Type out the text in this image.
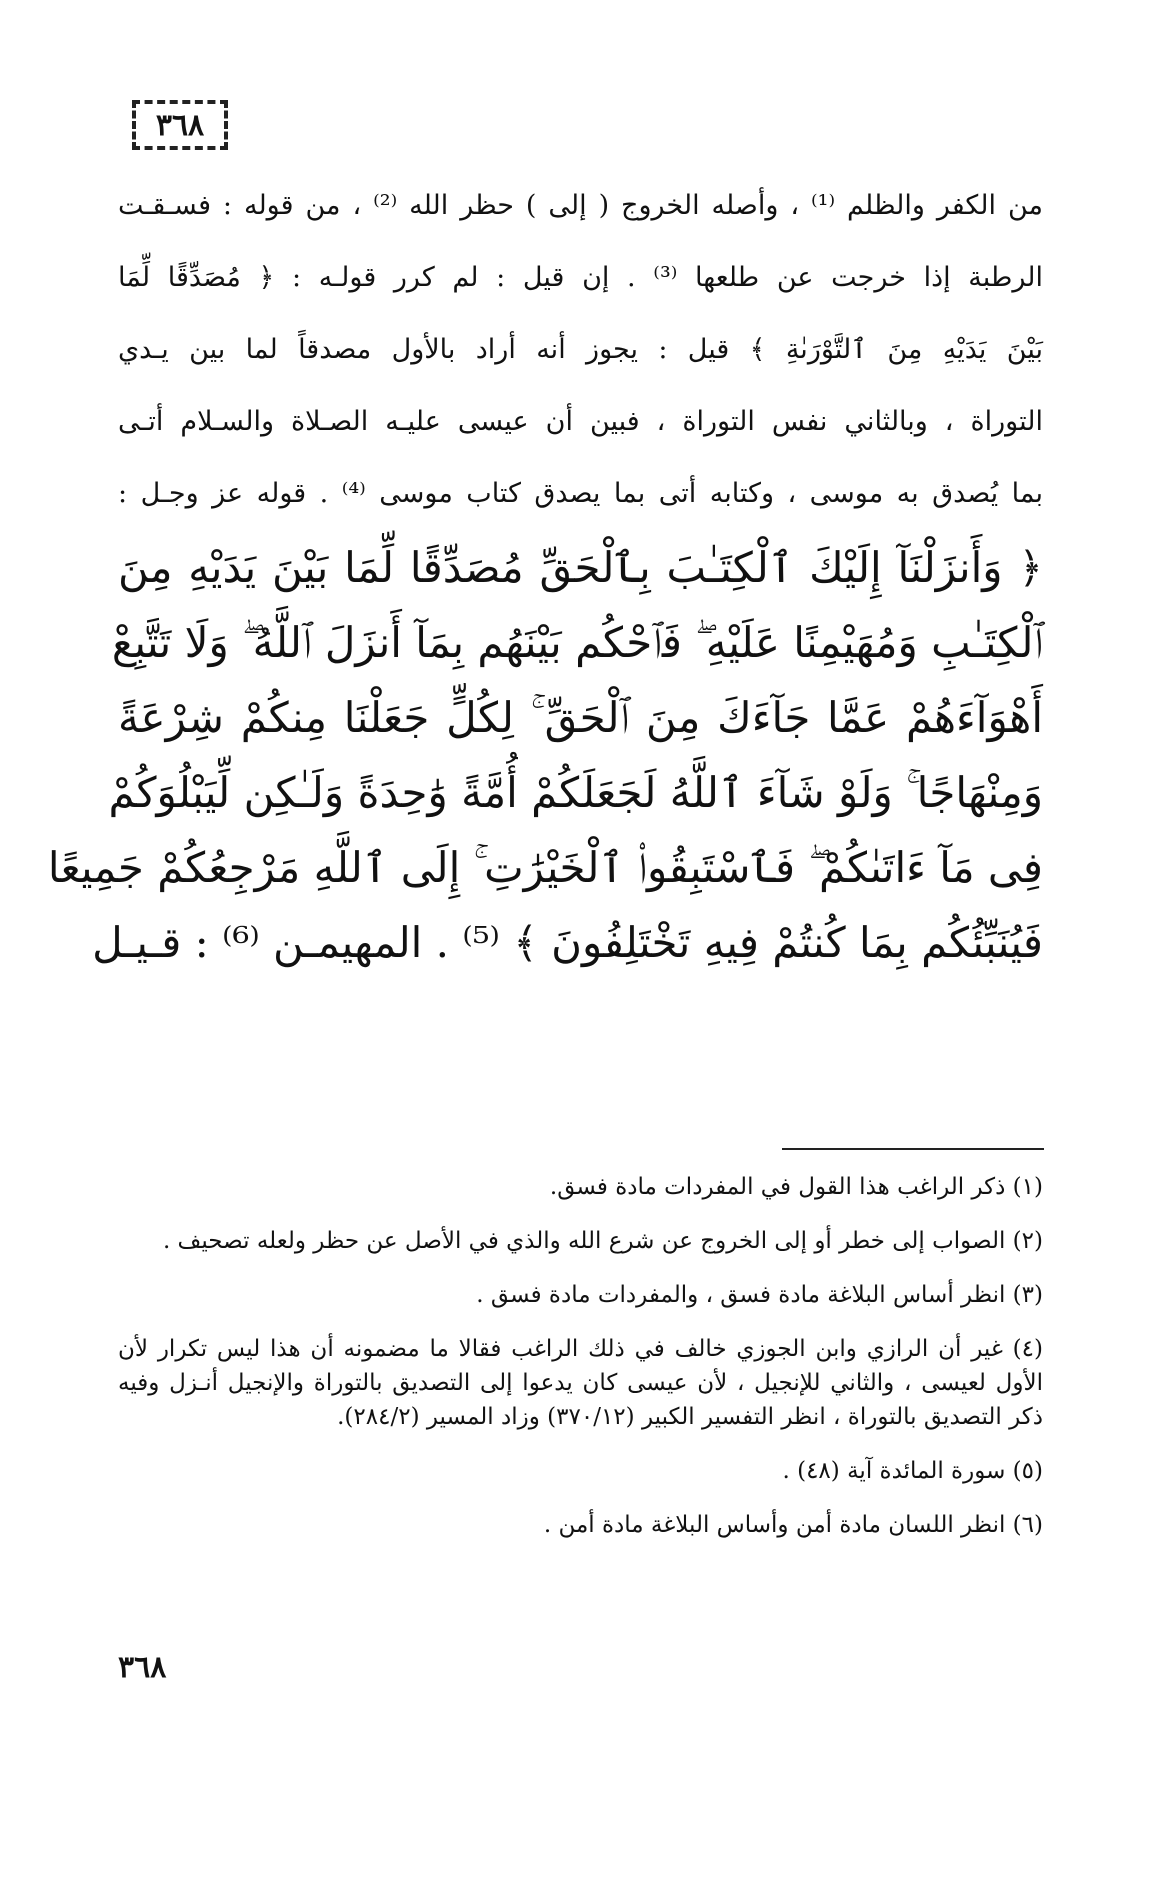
٣٦٨
من الكفر والظلم ⁽¹⁾ ، وأصله الخروج ( إلى ) حظر الله ⁽²⁾ ، من قوله : فسـقـت
الرطبة إذا خرجت عن طلعها ⁽³⁾ . إن قيل : لم كرر قولـه : ﴿ مُصَدِّقًا لِّمَا
بَيْنَ يَدَيْهِ مِنَ ٱلتَّوْرَىٰةِ ﴾ قيل : يجوز أنه أراد بالأول مصدقاً لما بين يـدي
التوراة ، وبالثاني نفس التوراة ، فبين أن عيسى عليـه الصـلاة والسـلام أتـى
بما يُصدق به موسى ، وكتابه أتى بما يصدق كتاب موسى ⁽⁴⁾ . قوله عز وجـل :
﴿ وَأَنزَلْنَآ إِلَيْكَ ٱلْكِتَـٰبَ بِٱلْحَقِّ مُصَدِّقًا لِّمَا بَيْنَ يَدَيْهِ مِنَ
ٱلْكِتَـٰبِ وَمُهَيْمِنًا عَلَيْهِ ۖ فَٱحْكُم بَيْنَهُم بِمَآ أَنزَلَ ٱللَّهُ ۖ وَلَا تَتَّبِعْ
أَهْوَآءَهُمْ عَمَّا جَآءَكَ مِنَ ٱلْحَقِّ ۚ لِكُلٍّ جَعَلْنَا مِنكُمْ شِرْعَةً
وَمِنْهَاجًا ۚ وَلَوْ شَآءَ ٱللَّهُ لَجَعَلَكُمْ أُمَّةً وَٰحِدَةً وَلَـٰكِن لِّيَبْلُوَكُمْ
فِى مَآ ءَاتَىٰكُمْ ۖ فَٱسْتَبِقُوا۟ ٱلْخَيْرَٰتِ ۚ إِلَى ٱللَّهِ مَرْجِعُكُمْ جَمِيعًا
فَيُنَبِّئُكُم بِمَا كُنتُمْ فِيهِ تَخْتَلِفُونَ ﴾ ⁽⁵⁾ . المهيمـن ⁽⁶⁾ : قـيـل
(١) ذكر الراغب هذا القول في المفردات مادة فسق.
(٢) الصواب إلى خطر أو إلى الخروج عن شرع الله والذي في الأصل عن حظر ولعله تصحيف .
(٣) انظر أساس البلاغة مادة فسق ، والمفردات مادة فسق .
(٤) غير أن الرازي وابن الجوزي خالف في ذلك الراغب فقالا ما مضمونه أن هذا ليس تكرار لأن الأول لعيسى ، والثاني للإنجيل ، لأن عيسى كان يدعوا إلى التصديق بالتوراة والإنجيل أنـزل وفيه ذكر التصديق بالتوراة ، انظر التفسير الكبير (٣٧٠/١٢) وزاد المسير (٢٨٤/٢).
(٥) سورة المائدة آية (٤٨) .
(٦) انظر اللسان مادة أمن وأساس البلاغة مادة أمن .
٣٦٨
